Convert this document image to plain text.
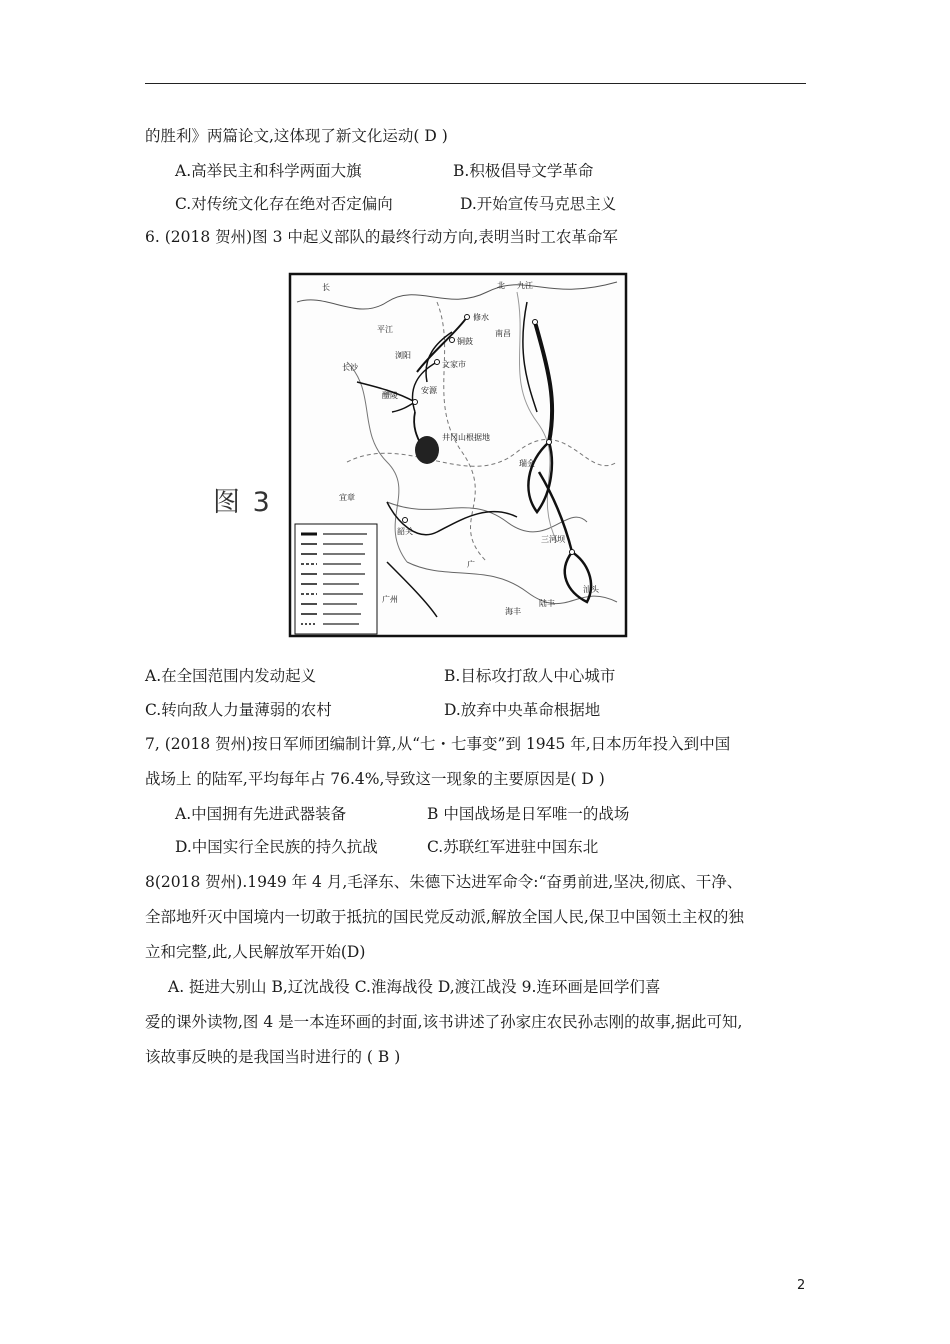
的胜利》两篇论文,这体现了新文化运动( D )
A.高举民主和科学两面大旗	B.积极倡导文学革命
C.对传统文化存在绝对否定偏向	D.开始宣传马克思主义
6. (2018 贺州)图 3 中起义部队的最终行动方向,表明当时工农革命军
图 3
长	北 九江
平江
修水
铜鼓
浏阳
文家市
长沙
醴陵
安源
南昌
井冈山根据地
瑞金
宜章
韶关
三河坝
汕头
广州
海丰
陆丰
广
A.在全国范围内发动起义	B.目标攻打敌人中心城市
C.转向敌人力量薄弱的农村	D.放弃中央革命根据地
7, (2018 贺州)按日军师团编制计算,从“七・七事变”到 1945 年,日本历年投入到中国
战场上 的陆军,平均每年占 76.4%,导致这一现象的主要原因是( D )
A.中国拥有先进武器装备	B 中国战场是日军唯一的战场
D.中国实行全民族的持久抗战	C.苏联红军进驻中国东北
8(2018 贺州).1949 年 4 月,毛泽东、朱德下达进军命令:“奋勇前进,坚决,彻底、干净、
全部地歼灭中国境内一切敢于抵抗的国民党反动派,解放全国人民,保卫中国领土主权的独
立和完整,此,人民解放军开始(D)
A. 挺进大别山 B,辽沈战役 C.淮海战役 D,渡江战没 9.连环画是回学们喜
爱的课外读物,图 4 是一本连环画的封面,该书讲述了孙家庄农民孙志刚的故事,据此可知,
该故事反映的是我国当时进行的 ( B )
2
